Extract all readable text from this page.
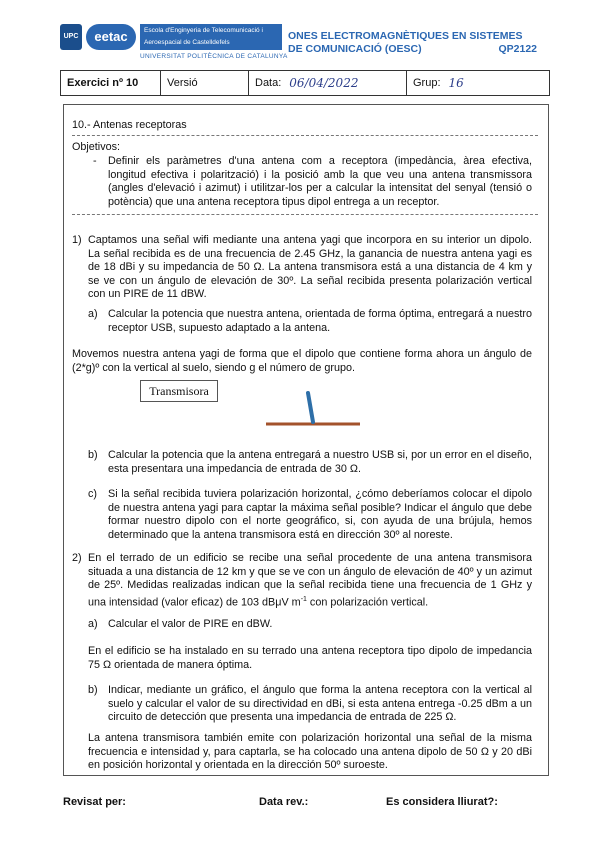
UPC	eetac	Escola d'Enginyeria de Telecomunicació i Aeroespacial de Castelldefels
UNIVERSITAT POLITÈCNICA DE CATALUNYA
ONES ELECTROMAGNÈTIQUES EN SISTEMES DE COMUNICACIÓ (OESC)	QP2122
Exercici nº 10	Versió	Data: 06/04/2022	Grup: 16
10.- Antenas receptoras
Objetivos:
- Definir els paràmetres d'una antena com a receptora (impedància, àrea efectiva, longitud efectiva i polarització) i la posició amb la que veu una antena transmissora (angles d'elevació i azimut) i utilitzar-los per a calcular la intensitat del senyal (tensió o potència) que una antena receptora tipus dipol entrega a un receptor.
1) Captamos una señal wifi mediante una antena yagi que incorpora en su interior un dipolo. La señal recibida es de una frecuencia de 2.45 GHz, la ganancia de nuestra antena yagi es de 18 dBi y su impedancia de 50 Ω. La antena transmisora está a una distancia de 4 km y se ve con un ángulo de elevación de 30º. La señal recibida presenta polarización vertical con un PIRE de 11 dBW.
a) Calcular la potencia que nuestra antena, orientada de forma óptima, entregará a nuestro receptor USB, supuesto adaptado a la antena.
Movemos nuestra antena yagi de forma que el dipolo que contiene forma ahora un ángulo de (2*g)º con la vertical al suelo, siendo g el número de grupo.
Transmisora
b) Calcular la potencia que la antena entregará a nuestro USB si, por un error en el diseño, esta presentara una impedancia de entrada de 30 Ω.
c) Si la señal recibida tuviera polarización horizontal, ¿cómo deberíamos colocar el dipolo de nuestra antena yagi para captar la máxima señal posible? Indicar el ángulo que debe formar nuestro dipolo con el norte geográfico, si, con ayuda de una brújula, hemos determinado que la antena transmisora está en dirección 30º al noreste.
2) En el terrado de un edificio se recibe una señal procedente de una antena transmisora situada a una distancia de 12 km y que se ve con un ángulo de elevación de 40º y un azimut de 25º. Medidas realizadas indican que la señal recibida tiene una frecuencia de 1 GHz y una intensidad (valor eficaz) de 103 dBμV $m^{-1}$ con polarización vertical.
a) Calcular el valor de PIRE en dBW.
En el edificio se ha instalado en su terrado una antena receptora tipo dipolo de impedancia 75 Ω orientada de manera óptima.
b) Indicar, mediante un gráfico, el ángulo que forma la antena receptora con la vertical al suelo y calcular el valor de su directividad en dBi, si esta antena entrega -0.25 dBm a un circuito de detección que presenta una impedancia de entrada de 225 Ω.
La antena transmisora también emite con polarización horizontal una señal de la misma frecuencia e intensidad y, para captarla, se ha colocado una antena dipolo de 50 Ω y 20 dBi en posición horizontal y orientada en la dirección 50º suroeste.
Revisat per:	Data rev.:	Es considera lliurat?:
